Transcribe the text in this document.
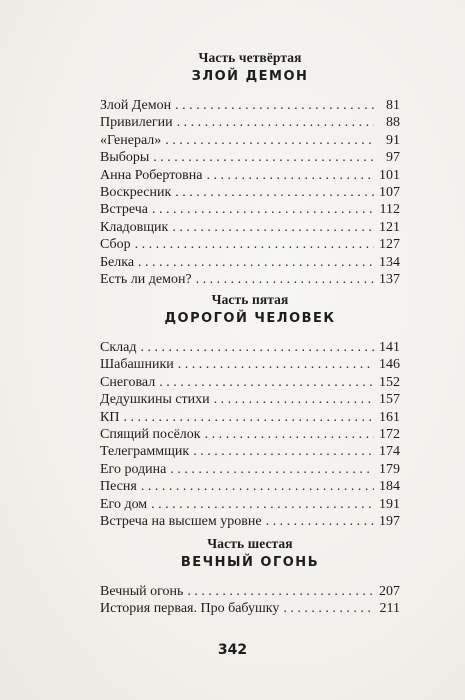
Часть четвёртая
ЗЛОЙ ДЕМОН
Злой Демон . . .	81
Привилегии . . .	88
«Генерал» . . .	91
Выборы . . .	97
Анна Робертовна . . .	101
Воскресник . . .	107
Встреча . . .	112
Кладовщик . . .	121
Сбор . . .	127
Белка . . .	134
Есть ли демон? . . .	137
Часть пятая
ДОРОГОЙ ЧЕЛОВЕК
Склад . . .	141
Шабашники . . .	146
Снеговал . . .	152
Дедушкины стихи . . .	157
КП . . .	161
Спящий посёлок . . .	172
Телеграммщик . . .	174
Его родина . . .	179
Песня . . .	184
Его дом . . .	191
Встреча на высшем уровне . . .	197
Часть шестая
ВЕЧНЫЙ ОГОНЬ
Вечный огонь . . .	207
История первая. Про бабушку . . .	211
342
